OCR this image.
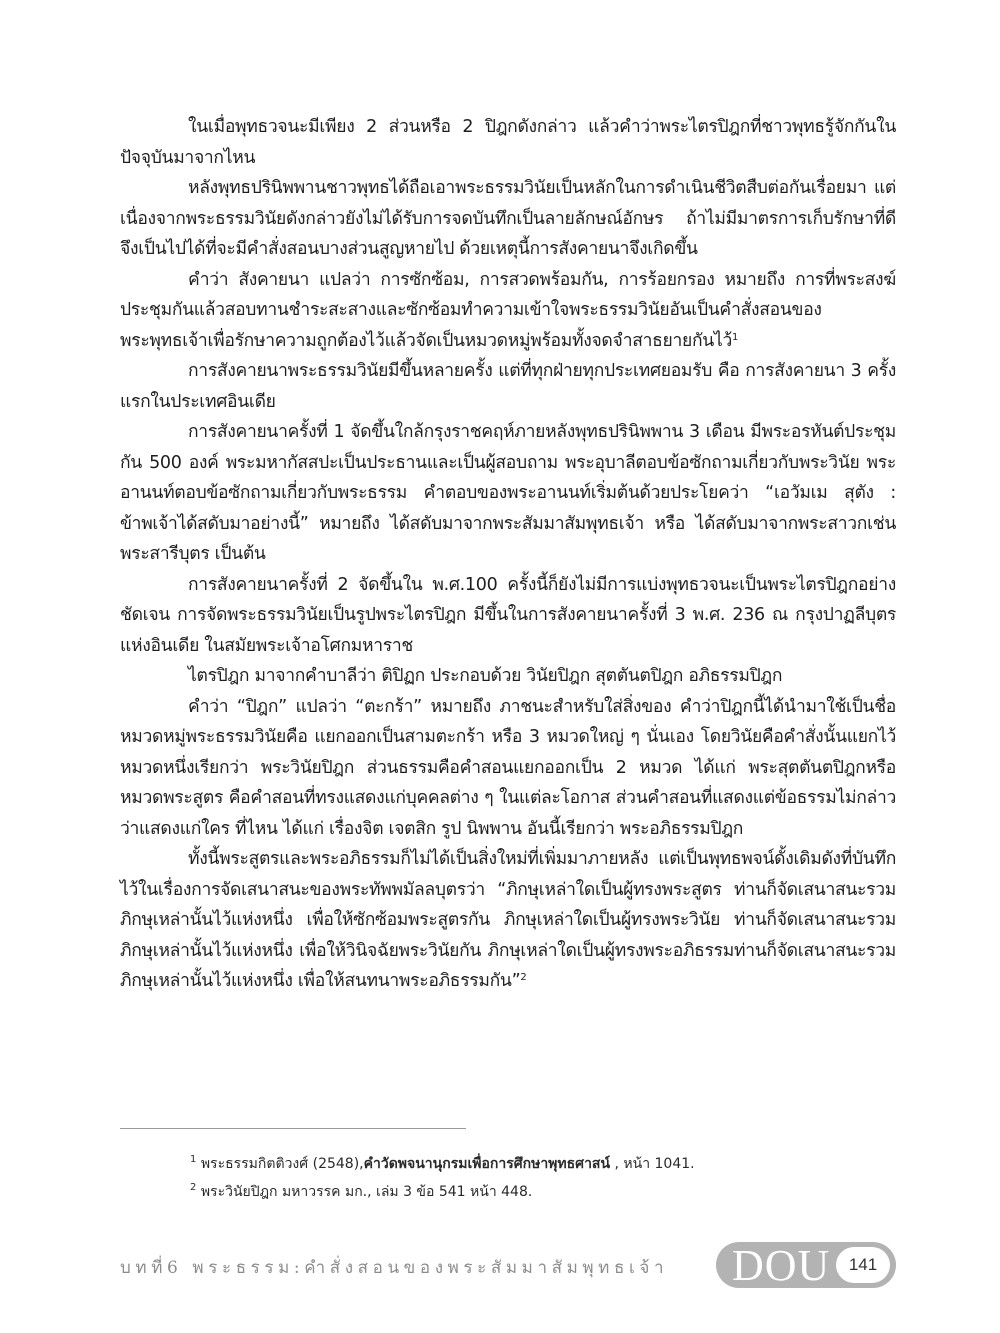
ในเมื่อพุทธวจนะมีเพียง 2 ส่วนหรือ 2 ปิฎกดังกล่าว แล้วคำว่าพระไตรปิฎกที่ชาวพุทธรู้จักกันในปัจจุบันมาจากไหน

หลังพุทธปรินิพพานชาวพุทธได้ถือเอาพระธรรมวินัยเป็นหลักในการดำเนินชีวิตสืบต่อกันเรื่อยมา แต่เนื่องจากพระธรรมวินัยดังกล่าวยังไม่ได้รับการจดบันทึกเป็นลายลักษณ์อักษร ถ้าไม่มีมาตรการเก็บรักษาที่ดี จึงเป็นไปได้ที่จะมีคำสั่งสอนบางส่วนสูญหายไป ด้วยเหตุนี้การสังคายนาจึงเกิดขึ้น

คำว่า สังคายนา แปลว่า การซักซ้อม, การสวดพร้อมกัน, การร้อยกรอง หมายถึง การที่พระสงฆ์ประชุมกันแล้วสอบทานชำระสะสางและซักซ้อมทำความเข้าใจพระธรรมวินัยอันเป็นคำสั่งสอนของพระพุทธเจ้าเพื่อรักษาความถูกต้องไว้แล้วจัดเป็นหมวดหมู่พร้อมทั้งจดจำสาธยายกันไว้$^1$

การสังคายนาพระธรรมวินัยมีขึ้นหลายครั้ง แต่ที่ทุกฝ่ายทุกประเทศยอมรับ คือ การสังคายนา 3 ครั้งแรกในประเทศอินเดีย

การสังคายนาครั้งที่ 1 จัดขึ้นใกล้กรุงราชคฤห์ภายหลังพุทธปรินิพพาน 3 เดือน มีพระอรหันต์ประชุมกัน 500 องค์ พระมหากัสสปะเป็นประธานและเป็นผู้สอบถาม พระอุบาลีตอบข้อซักถามเกี่ยวกับพระวินัย พระอานนท์ตอบข้อซักถามเกี่ยวกับพระธรรม คำตอบของพระอานนท์เริ่มต้นด้วยประโยคว่า “เอวัมเม สุตัง : ข้าพเจ้าได้สดับมาอย่างนี้” หมายถึง ได้สดับมาจากพระสัมมาสัมพุทธเจ้า หรือ ได้สดับมาจากพระสาวกเช่นพระสารีบุตร เป็นต้น

การสังคายนาครั้งที่ 2 จัดขึ้นใน พ.ศ.100 ครั้งนี้ก็ยังไม่มีการแบ่งพุทธวจนะเป็นพระไตรปิฎกอย่างชัดเจน การจัดพระธรรมวินัยเป็นรูปพระไตรปิฎก มีขึ้นในการสังคายนาครั้งที่ 3 พ.ศ. 236 ณ กรุงปาฏลีบุตรแห่งอินเดีย ในสมัยพระเจ้าอโศกมหาราช

ไตรปิฎก มาจากคำบาลีว่า ติปิฏก ประกอบด้วย วินัยปิฎก สุตตันตปิฎก อภิธรรมปิฎก

คำว่า “ปิฎก” แปลว่า “ตะกร้า” หมายถึง ภาชนะสำหรับใส่สิ่งของ คำว่าปิฎกนี้ได้นำมาใช้เป็นชื่อหมวดหมู่พระธรรมวินัยคือ แยกออกเป็นสามตะกร้า หรือ 3 หมวดใหญ่ ๆ นั่นเอง โดยวินัยคือคำสั่งนั้นแยกไว้หมวดหนึ่งเรียกว่า พระวินัยปิฎก ส่วนธรรมคือคำสอนแยกออกเป็น 2 หมวด ได้แก่ พระสุตตันตปิฎกหรือ หมวดพระสูตร คือคำสอนที่ทรงแสดงแก่บุคคลต่าง ๆ ในแต่ละโอกาส ส่วนคำสอนที่แสดงแต่ข้อธรรมไม่กล่าวว่าแสดงแก่ใคร ที่ไหน ได้แก่ เรื่องจิต เจตสิก รูป นิพพาน อันนี้เรียกว่า พระอภิธรรมปิฎก

ทั้งนี้พระสูตรและพระอภิธรรมก็ไม่ได้เป็นสิ่งใหม่ที่เพิ่มมาภายหลัง แต่เป็นพุทธพจน์ดั้งเดิมดังที่บันทึกไว้ในเรื่องการจัดเสนาสนะของพระทัพพมัลลบุตรว่า “ภิกษุเหล่าใดเป็นผู้ทรงพระสูตร ท่านก็จัดเสนาสนะรวมภิกษุเหล่านั้นไว้แห่งหนึ่ง เพื่อให้ซักซ้อมพระสูตรกัน ภิกษุเหล่าใดเป็นผู้ทรงพระวินัย ท่านก็จัดเสนาสนะรวมภิกษุเหล่านั้นไว้แห่งหนึ่ง เพื่อให้วินิจฉัยพระวินัยกัน ภิกษุเหล่าใดเป็นผู้ทรงพระอภิธรรมท่านก็จัดเสนาสนะรวมภิกษุเหล่านั้นไว้แห่งหนึ่ง เพื่อให้สนทนาพระอภิธรรมกัน”$^2$

$^1$ พระธรรมกิตติวงศ์ (2548),คำวัดพจนานุกรมเพื่อการศึกษาพุทธศาสน์ , หน้า 1041.
$^2$ พระวินัยปิฎก มหาวรรค มก., เล่ม 3 ข้อ 541 หน้า 448.
บทที่6 พระธรรม:คำสั่งสอนของพระสัมมาสัมพุทธเจ้า	DOU	141
